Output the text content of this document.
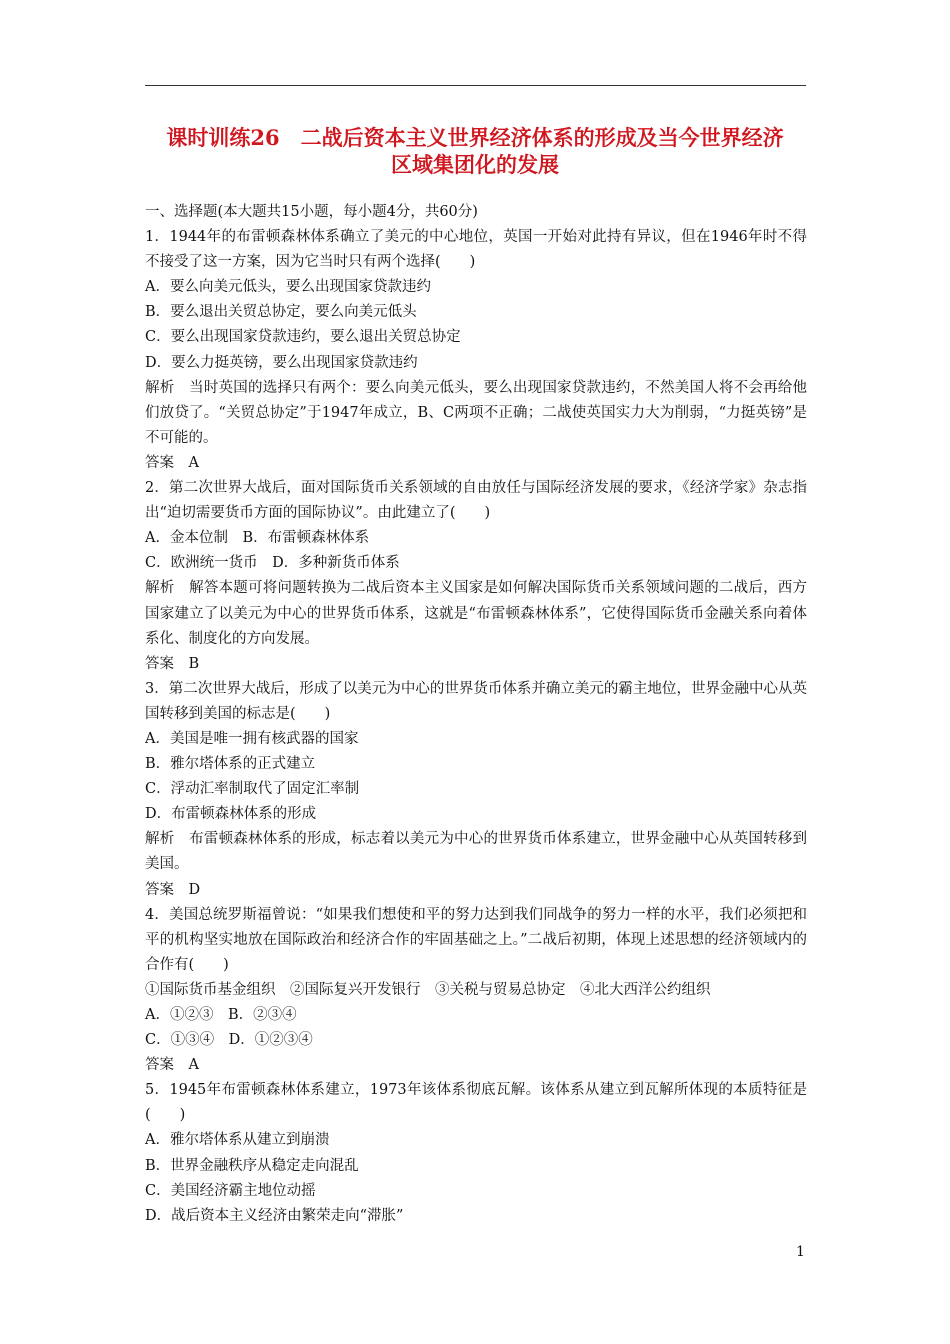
课时训练26　二战后资本主义世界经济体系的形成及当今世界经济
区域集团化的发展

一、选择题(本大题共15小题，每小题4分，共60分)

1．1944年的布雷顿森林体系确立了美元的中心地位，英国一开始对此持有异议，但在1946年时不得不接受了这一方案，因为它当时只有两个选择(　　)

A．要么向美元低头，要么出现国家贷款违约

B．要么退出关贸总协定，要么向美元低头

C．要么出现国家贷款违约，要么退出关贸总协定

D．要么力挺英镑，要么出现国家贷款违约

解析　当时英国的选择只有两个：要么向美元低头，要么出现国家贷款违约，不然美国人将不会再给他们放贷了。“关贸总协定”于1947年成立，B、C两项不正确；二战使英国实力大为削弱，“力挺英镑”是不可能的。

答案　A

2．第二次世界大战后，面对国际货币关系领域的自由放任与国际经济发展的要求，《经济学家》杂志指出“迫切需要货币方面的国际协议”。由此建立了(　　)

A．金本位制　B．布雷顿森林体系

C．欧洲统一货币　D．多种新货币体系

解析　解答本题可将问题转换为二战后资本主义国家是如何解决国际货币关系领域问题的二战后，西方国家建立了以美元为中心的世界货币体系，这就是“布雷顿森林体系”，它使得国际货币金融关系向着体系化、制度化的方向发展。

答案　B

3．第二次世界大战后，形成了以美元为中心的世界货币体系并确立美元的霸主地位，世界金融中心从英国转移到美国的标志是(　　)

A．美国是唯一拥有核武器的国家

B．雅尔塔体系的正式建立

C．浮动汇率制取代了固定汇率制

D．布雷顿森林体系的形成

解析　布雷顿森林体系的形成，标志着以美元为中心的世界货币体系建立，世界金融中心从英国转移到美国。

答案　D

4．美国总统罗斯福曾说：“如果我们想使和平的努力达到我们同战争的努力一样的水平，我们必须把和平的机构坚实地放在国际政治和经济合作的牢固基础之上。”二战后初期，体现上述思想的经济领域内的合作有(　　)

①国际货币基金组织　②国际复兴开发银行　③关税与贸易总协定　④北大西洋公约组织

A．①②③　B．②③④

C．①③④　D．①②③④

答案　A

5．1945年布雷顿森林体系建立，1973年该体系彻底瓦解。该体系从建立到瓦解所体现的本质特征是(　　)

A．雅尔塔体系从建立到崩溃

B．世界金融秩序从稳定走向混乱

C．美国经济霸主地位动摇

D．战后资本主义经济由繁荣走向“滞胀”

1
